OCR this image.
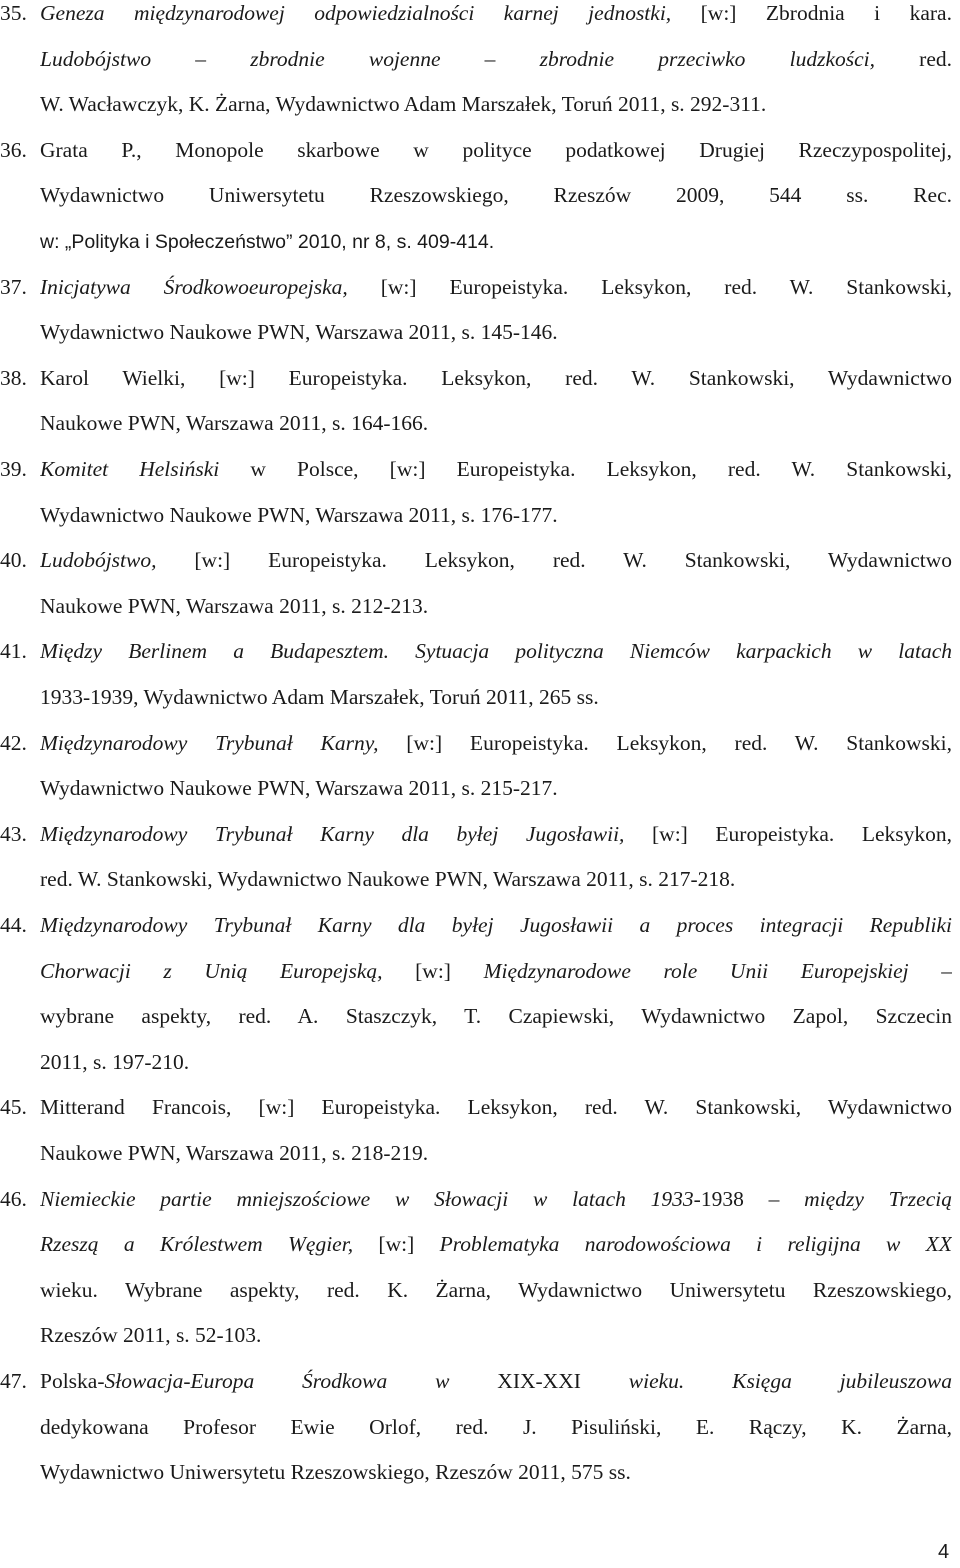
35. Geneza międzynarodowej odpowiedzialności karnej jednostki, [w:] Zbrodnia i kara.
Ludobójstwo – zbrodnie wojenne – zbrodnie przeciwko ludzkości, red.
W. Wacławczyk, K. Żarna, Wydawnictwo Adam Marszałek, Toruń 2011, s. 292-311.
36. Grata P., Monopole skarbowe w polityce podatkowej Drugiej Rzeczypospolitej,
Wydawnictwo Uniwersytetu Rzeszowskiego, Rzeszów 2009, 544 ss. Rec.
w: „Polityka i Społeczeństwo” 2010, nr 8, s. 409-414.
37. Inicjatywa Środkowoeuropejska, [w:] Europeistyka. Leksykon, red. W. Stankowski,
Wydawnictwo Naukowe PWN, Warszawa 2011, s. 145-146.
38. Karol Wielki, [w:] Europeistyka. Leksykon, red. W. Stankowski, Wydawnictwo
Naukowe PWN, Warszawa 2011, s. 164-166.
39. Komitet Helsiński w Polsce, [w:] Europeistyka. Leksykon, red. W. Stankowski,
Wydawnictwo Naukowe PWN, Warszawa 2011, s. 176-177.
40. Ludobójstwo, [w:] Europeistyka. Leksykon, red. W. Stankowski, Wydawnictwo
Naukowe PWN, Warszawa 2011, s. 212-213.
41. Między Berlinem a Budapesztem. Sytuacja polityczna Niemców karpackich w latach
1933-1939, Wydawnictwo Adam Marszałek, Toruń 2011, 265 ss.
42. Międzynarodowy Trybunał Karny, [w:] Europeistyka. Leksykon, red. W. Stankowski,
Wydawnictwo Naukowe PWN, Warszawa 2011, s. 215-217.
43. Międzynarodowy Trybunał Karny dla byłej Jugosławii, [w:] Europeistyka. Leksykon,
red. W. Stankowski, Wydawnictwo Naukowe PWN, Warszawa 2011, s. 217-218.
44. Międzynarodowy Trybunał Karny dla byłej Jugosławii a proces integracji Republiki
Chorwacji z Unią Europejską, [w:] Międzynarodowe role Unii Europejskiej –
wybrane aspekty, red. A. Staszczyk, T. Czapiewski, Wydawnictwo Zapol, Szczecin
2011, s. 197-210.
45. Mitterand Francois, [w:] Europeistyka. Leksykon, red. W. Stankowski, Wydawnictwo
Naukowe PWN, Warszawa 2011, s. 218-219.
46. Niemieckie partie mniejszościowe w Słowacji w latach 1933-1938 – między Trzecią
Rzeszą a Królestwem Węgier, [w:] Problematyka narodowościowa i religijna w XX
wieku. Wybrane aspekty, red. K. Żarna, Wydawnictwo Uniwersytetu Rzeszowskiego,
Rzeszów 2011, s. 52-103.
47. Polska-Słowacja-Europa Środkowa w XIX-XXI wieku. Księga jubileuszowa
dedykowana Profesor Ewie Orlof, red. J. Pisuliński, E. Rączy, K. Żarna,
Wydawnictwo Uniwersytetu Rzeszowskiego, Rzeszów 2011, 575 ss.
4
